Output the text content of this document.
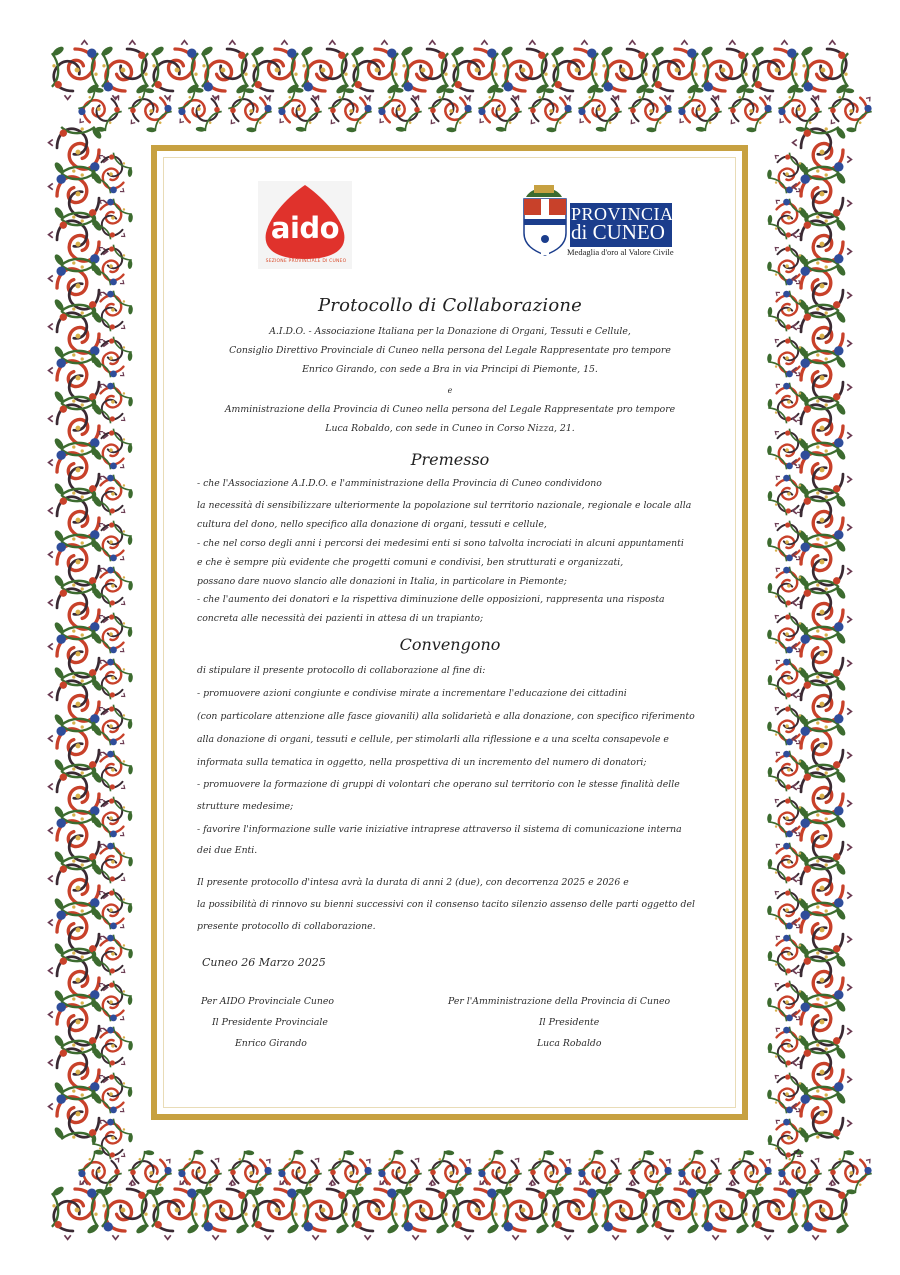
aido
SEZIONE PROVINCIALE DI CUNEO
PROVINCIA
di CUNEO
Medaglia d'oro al Valore Civile
Protocollo di Collaborazione
A.I.D.O. - Associazione Italiana per la Donazione di Organi, Tessuti e Cellule,
Consiglio Direttivo Provinciale di Cuneo nella persona del Legale Rappresentate pro tempore
Enrico Girando, con sede a Bra in via Principi di Piemonte, 15.
e
Amministrazione della Provincia di Cuneo nella persona del Legale Rappresentate pro tempore
Luca Robaldo, con sede in Cuneo in Corso Nizza, 21.
Premesso
- che l'Associazione A.I.D.O. e l'amministrazione della Provincia di Cuneo condividono
la necessità di sensibilizzare ulteriormente la popolazione sul territorio nazionale, regionale e locale alla
cultura del dono, nello specifico alla donazione di organi, tessuti e cellule,
- che nel corso degli anni i percorsi dei medesimi enti si sono talvolta incrociati in alcuni appuntamenti
e che è sempre più evidente che progetti comuni e condivisi, ben strutturati e organizzati,
possano dare nuovo slancio alle donazioni in Italia, in particolare in Piemonte;
- che l'aumento dei donatori e la rispettiva diminuzione delle opposizioni, rappresenta una risposta
concreta alle necessità dei pazienti in attesa di un trapianto;
Convengono
di stipulare il presente protocollo di collaborazione al fine di:
- promuovere azioni congiunte e condivise mirate a incrementare l'educazione dei cittadini
(con particolare attenzione alle fasce giovanili) alla solidarietà e alla donazione, con specifico riferimento
alla donazione di organi, tessuti e cellule, per stimolarli alla riflessione e a una scelta consapevole e
informata sulla tematica in oggetto, nella prospettiva di un incremento del numero di donatori;
- promuovere la formazione di gruppi di volontari che operano sul territorio con le stesse finalità delle
strutture medesime;
- favorire l'informazione sulle varie iniziative intraprese attraverso il sistema di comunicazione interna
dei due Enti.
Il presente protocollo d'intesa avrà la durata di anni 2 (due), con decorrenza 2025 e 2026 e
la possibilità di rinnovo su bienni successivi con il consenso tacito silenzio assenso delle parti oggetto del
presente protocollo di collaborazione.
Cuneo 26 Marzo 2025
Per AIDO Provinciale Cuneo
Il Presidente Provinciale
Enrico Girando
Per l'Amministrazione della Provincia di Cuneo
Il Presidente
Luca Robaldo
